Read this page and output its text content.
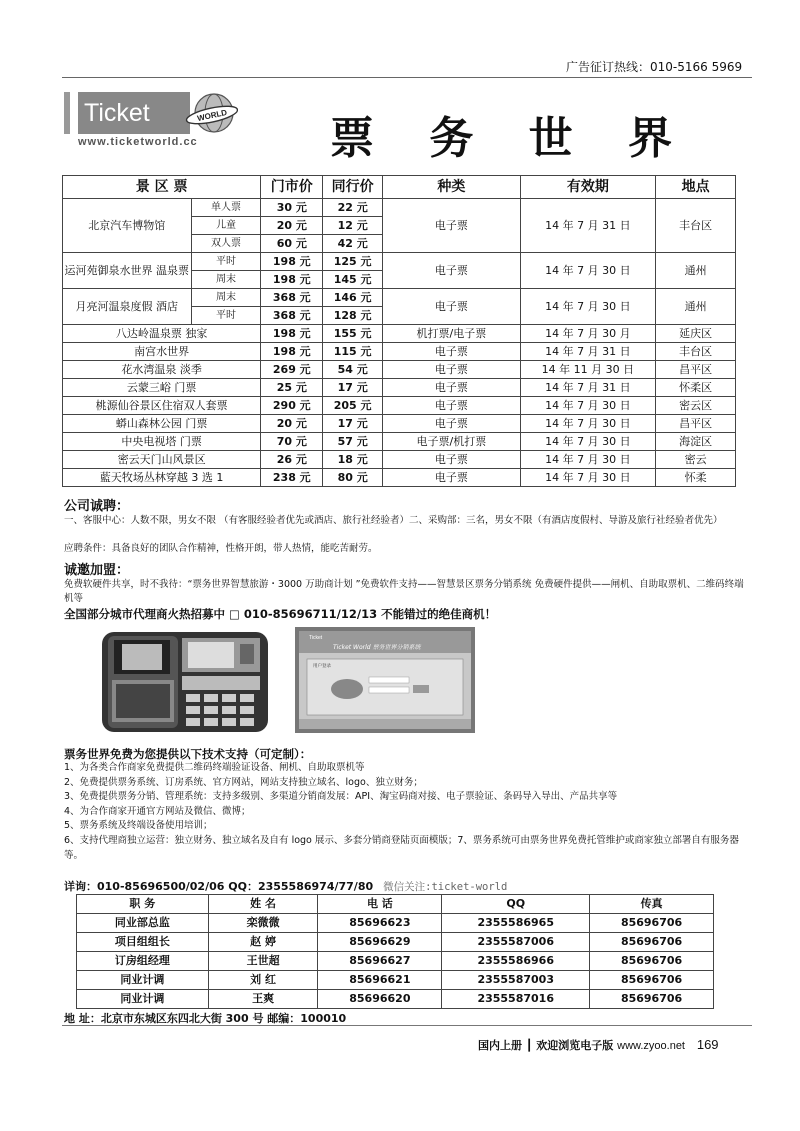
广告征订热线：010-5166 5969
Ticket	WORLD
www.ticketworld.cc	票 务 世 界
景 区 票		门市价	同行价	种类	有效期	地点
北京汽车博物馆	单人票	30 元	22 元	电子票	14 年 7 月 31 日	丰台区
	儿童	20 元	12 元			
	双人票	60 元	42 元			
运河苑御泉水世界 温泉票	平时	198 元	125 元	电子票	14 年 7 月 30 日	通州
	周末	198 元	145 元			
月亮河温泉度假 酒店	周末	368 元	146 元	电子票	14 年 7 月 30 日	通州
	平时	368 元	128 元			
八达岭温泉票 独家		198 元	155 元	机打票/电子票	14 年 7 月 30 月	延庆区
南宫水世界		198 元	115 元	电子票	14 年 7 月 31 日	丰台区
花水湾温泉 淡季		269 元	54 元	电子票	14 年 11 月 30 日	昌平区
云蒙三峪 门票		25 元	17 元	电子票	14 年 7 月 31 日	怀柔区
桃源仙谷景区住宿双人套票		290 元	205 元	电子票	14 年 7 月 30 日	密云区
蟒山森林公园 门票		20 元	17 元	电子票	14 年 7 月 30 日	昌平区
中央电视塔 门票		70 元	57 元	电子票/机打票	14 年 7 月 30 日	海淀区
密云天门山风景区		26 元	18 元	电子票	14 年 7 月 30 日	密云
藍天牧场丛林穿越 3 选 1		238 元	80 元	电子票	14 年 7 月 30 日	怀柔
公司诚聘：
一、客服中心：人数不限，男女不限 （有客服经验者优先或酒店、旅行社经验者）二、采购部：三名，男女不限（有酒店度假村、导游及旅行社经验者优先）
应聘条件：具备良好的团队合作精神，性格开朗，带人热情，能吃苦耐劳。
诚邀加盟：
免费软硬件共享，时不我待：“票务世界智慧旅游・3000 万助商计划 ”免费软件支持——智慧景区票务分销系统 免费硬件提供——闸机、自助取票机、二维码终端机等
全国部分城市代理商火热招募中 □ 010-85696711/12/13 不能错过的绝佳商机！
Ticket
Ticket World 票务世界分销系统
用户登录
票务世界免费为您提供以下技术支持（可定制）：
1、为各类合作商家免费提供二维码终端验证设备、闸机、自助取票机等
2、免费提供票务系统、订房系统、官方网站，网站支持独立域名、logo、独立财务；
3、免费提供票务分销、管理系统：支持多级别、多渠道分销商发展：API、淘宝码商对接、电子票验证、条码导入导出、产品共享等
4、为合作商家开通官方网站及微信、微博；
5、票务系统及终端设备使用培训；
6、支持代理商独立运营：独立财务、独立域名及自有 logo 展示、多套分销商登陆页面模版；7、票务系统可由票务世界免费托管维护或商家独立部署自有服务器等。
详询：010-85696500/02/06 QQ：2355586974/77/80 微信关注:ticket-world
职 务	姓 名	电 话	QQ	传真
同业部总监	栾微微	85696623	2355586965	85696706
项目组组长	赵 婷	85696629	2355587006	85696706
订房组经理	王世超	85696627	2355586966	85696706
同业计调	刘 红	85696621	2355587003	85696706
同业计调	王爽	85696620	2355587016	85696706
地 址：北京市东城区东四北大街 300 号 邮编：100010
国内上册 ┃ 欢迎浏览电子版 www.zyoo.net 169
